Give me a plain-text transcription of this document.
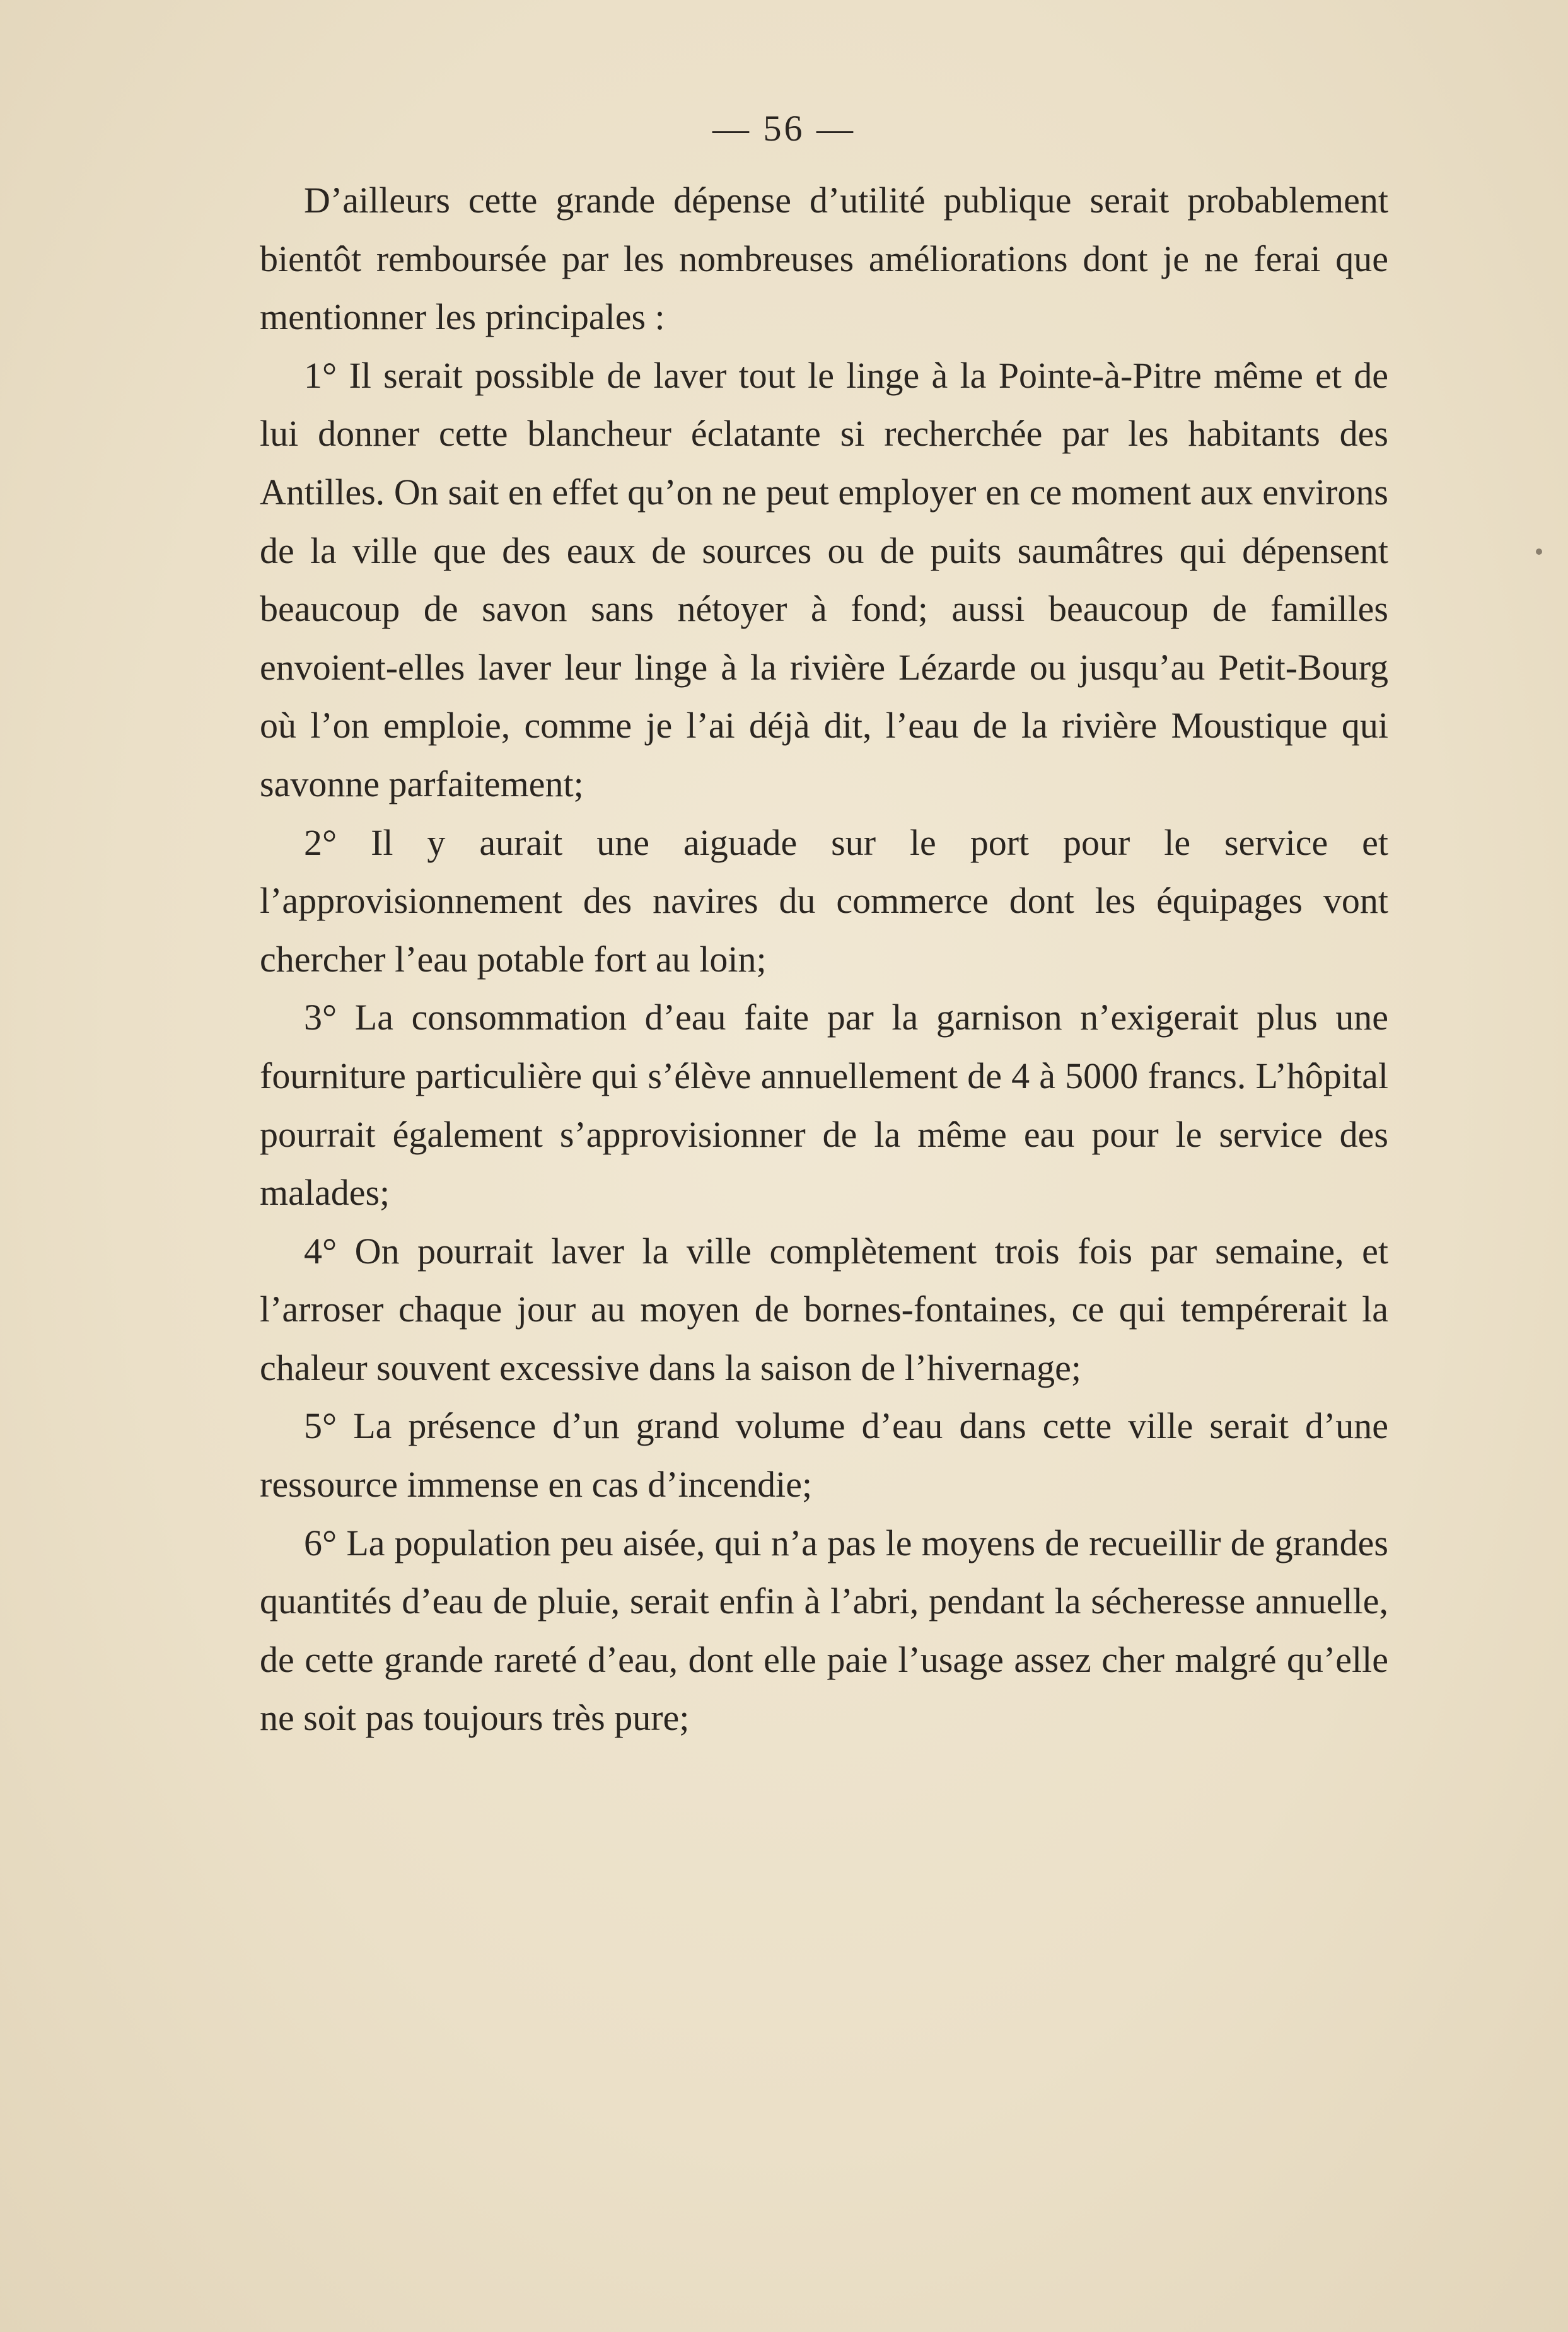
— 56 —

D’ailleurs cette grande dépense d’utilité publique serait probablement bientôt remboursée par les nombreuses améliorations dont je ne ferai que mentionner les principales :

1° Il serait possible de laver tout le linge à la Pointe-à-Pitre même et de lui donner cette blancheur éclatante si recherchée par les habitants des Antilles. On sait en effet qu’on ne peut employer en ce moment aux environs de la ville que des eaux de sources ou de puits saumâtres qui dépensent beaucoup de savon sans nétoyer à fond; aussi beaucoup de familles envoient-elles laver leur linge à la rivière Lézarde ou jusqu’au Petit-Bourg où l’on emploie, comme je l’ai déjà dit, l’eau de la rivière Moustique qui savonne parfaitement;

2° Il y aurait une aiguade sur le port pour le service et l’approvisionnement des navires du commerce dont les équipages vont chercher l’eau potable fort au loin;

3° La consommation d’eau faite par la garnison n’exigerait plus une fourniture particulière qui s’élève annuellement de 4 à 5000 francs. L’hôpital pourrait également s’approvisionner de la même eau pour le service des malades;

4° On pourrait laver la ville complètement trois fois par semaine, et l’arroser chaque jour au moyen de bornes-fontaines, ce qui tempérerait la chaleur souvent excessive dans la saison de l’hivernage;

5° La présence d’un grand volume d’eau dans cette ville serait d’une ressource immense en cas d’incendie;

6° La population peu aisée, qui n’a pas le moyens de recueillir de grandes quantités d’eau de pluie, serait enfin à l’abri, pendant la sécheresse annuelle, de cette grande rareté d’eau, dont elle paie l’usage assez cher malgré qu’elle ne soit pas toujours très pure;
